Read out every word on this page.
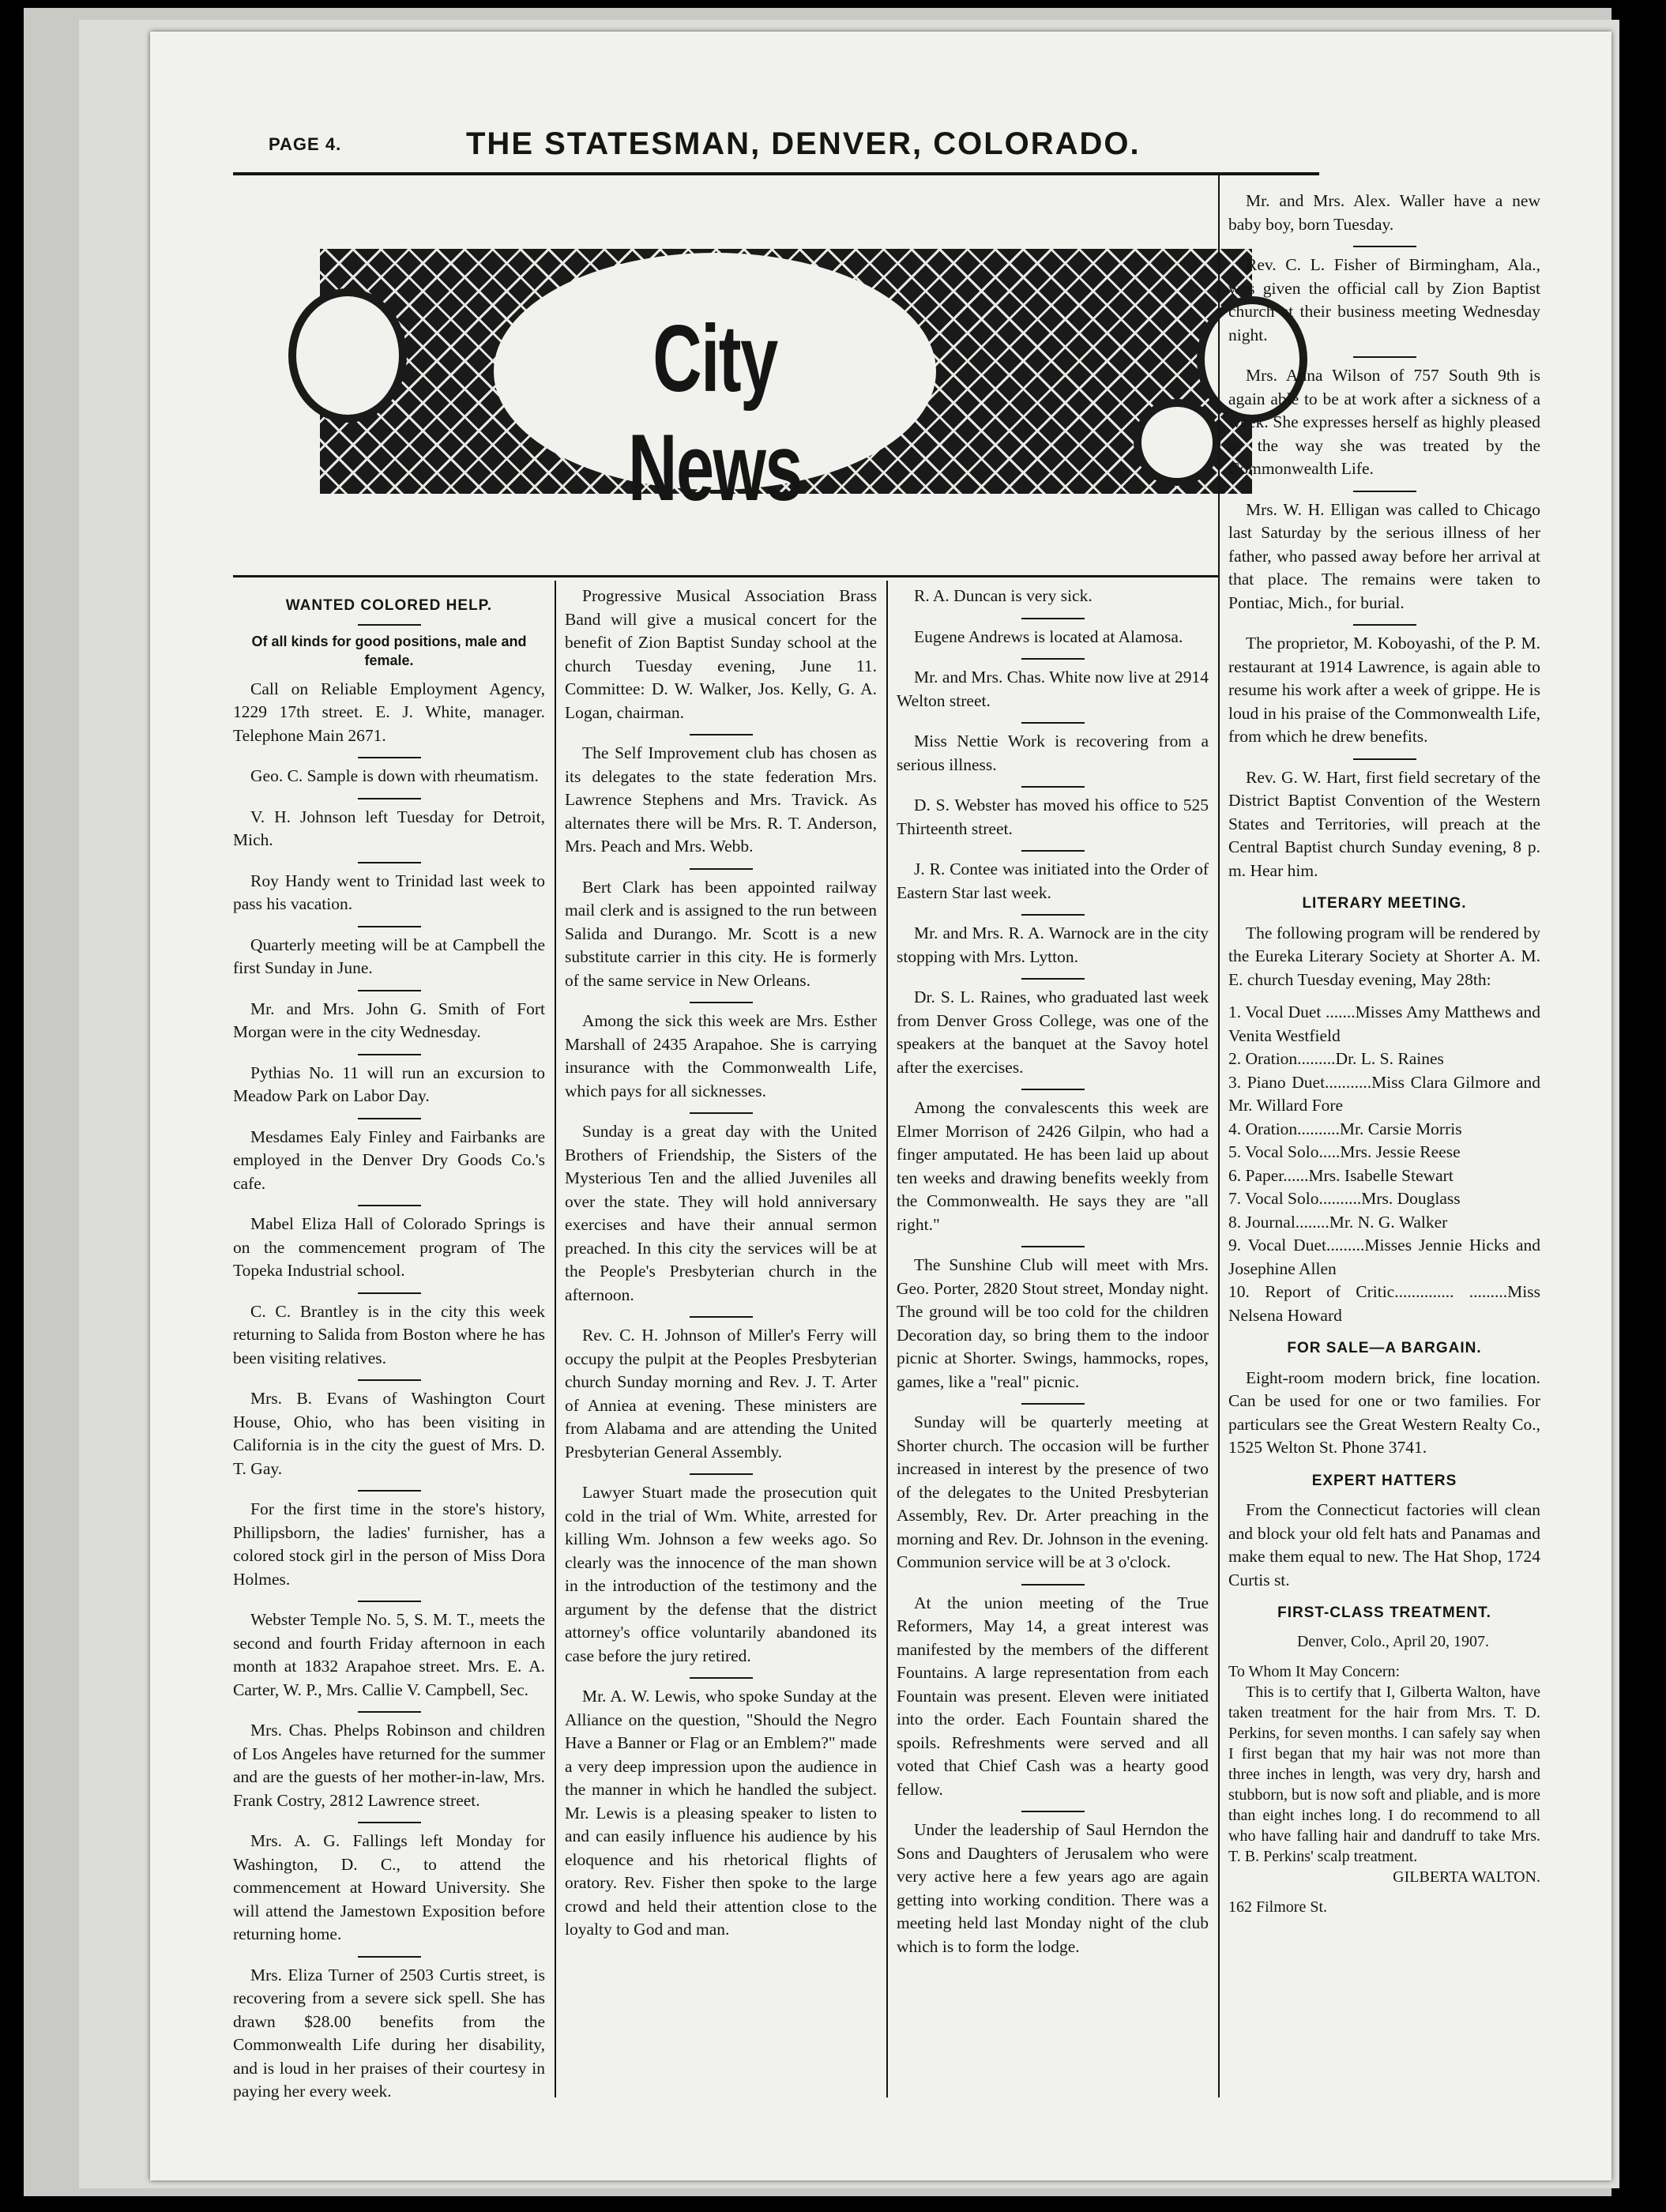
PAGE 4.	THE STATESMAN, DENVER, COLORADO.
City News
WANTED COLORED HELP.

Of all kinds for good positions, male and female.

Call on Reliable Employment Agency, 1229 17th street. E. J. White, manager. Telephone Main 2671.

Geo. C. Sample is down with rheumatism.

V. H. Johnson left Tuesday for Detroit, Mich.

Roy Handy went to Trinidad last week to pass his vacation.

Quarterly meeting will be at Campbell the first Sunday in June.

Mr. and Mrs. John G. Smith of Fort Morgan were in the city Wednesday.

Pythias No. 11 will run an excursion to Meadow Park on Labor Day.

Mesdames Ealy Finley and Fairbanks are employed in the Denver Dry Goods Co.'s cafe.

Mabel Eliza Hall of Colorado Springs is on the commencement program of The Topeka Industrial school.

C. C. Brantley is in the city this week returning to Salida from Boston where he has been visiting relatives.

Mrs. B. Evans of Washington Court House, Ohio, who has been visiting in California is in the city the guest of Mrs. D. T. Gay.

For the first time in the store's history, Phillipsborn, the ladies' furnisher, has a colored stock girl in the person of Miss Dora Holmes.

Webster Temple No. 5, S. M. T., meets the second and fourth Friday afternoon in each month at 1832 Arapahoe street. Mrs. E. A. Carter, W. P., Mrs. Callie V. Campbell, Sec.

Mrs. Chas. Phelps Robinson and children of Los Angeles have returned for the summer and are the guests of her mother-in-law, Mrs. Frank Costry, 2812 Lawrence street.

Mrs. A. G. Fallings left Monday for Washington, D. C., to attend the commencement at Howard University. She will attend the Jamestown Exposition before returning home.

Mrs. Eliza Turner of 2503 Curtis street, is recovering from a severe sick spell. She has drawn $28.00 benefits from the Commonwealth Life during her disability, and is loud in her praises of their courtesy in paying her every week.

Progressive Musical Association Brass Band will give a musical concert for the benefit of Zion Baptist Sunday school at the church Tuesday evening, June 11. Committee: D. W. Walker, Jos. Kelly, G. A. Logan, chairman.

The Self Improvement club has chosen as its delegates to the state federation Mrs. Lawrence Stephens and Mrs. Travick. As alternates there will be Mrs. R. T. Anderson, Mrs. Peach and Mrs. Webb.

Bert Clark has been appointed railway mail clerk and is assigned to the run between Salida and Durango. Mr. Scott is a new substitute carrier in this city. He is formerly of the same service in New Orleans.

Among the sick this week are Mrs. Esther Marshall of 2435 Arapahoe. She is carrying insurance with the Commonwealth Life, which pays for all sicknesses.

Sunday is a great day with the United Brothers of Friendship, the Sisters of the Mysterious Ten and the allied Juveniles all over the state. They will hold anniversary exercises and have their annual sermon preached. In this city the services will be at the People's Presbyterian church in the afternoon.

Rev. C. H. Johnson of Miller's Ferry will occupy the pulpit at the Peoples Presbyterian church Sunday morning and Rev. J. T. Arter of Anniea at evening. These ministers are from Alabama and are attending the United Presbyterian General Assembly.

Lawyer Stuart made the prosecution quit cold in the trial of Wm. White, arrested for killing Wm. Johnson a few weeks ago. So clearly was the innocence of the man shown in the introduction of the testimony and the argument by the defense that the district attorney's office voluntarily abandoned its case before the jury retired.

Mr. A. W. Lewis, who spoke Sunday at the Alliance on the question, "Should the Negro Have a Banner or Flag or an Emblem?" made a very deep impression upon the audience in the manner in which he handled the subject. Mr. Lewis is a pleasing speaker to listen to and can easily influence his audience by his eloquence and his rhetorical flights of oratory. Rev. Fisher then spoke to the large crowd and held their attention close to the loyalty to God and man.

R. A. Duncan is very sick.

Eugene Andrews is located at Alamosa.

Mr. and Mrs. Chas. White now live at 2914 Welton street.

Miss Nettie Work is recovering from a serious illness.

D. S. Webster has moved his office to 525 Thirteenth street.

J. R. Contee was initiated into the Order of Eastern Star last week.

Mr. and Mrs. R. A. Warnock are in the city stopping with Mrs. Lytton.

Dr. S. L. Raines, who graduated last week from Denver Gross College, was one of the speakers at the banquet at the Savoy hotel after the exercises.

Among the convalescents this week are Elmer Morrison of 2426 Gilpin, who had a finger amputated. He has been laid up about ten weeks and drawing benefits weekly from the Commonwealth. He says they are "all right."

The Sunshine Club will meet with Mrs. Geo. Porter, 2820 Stout street, Monday night. The ground will be too cold for the children Decoration day, so bring them to the indoor picnic at Shorter. Swings, hammocks, ropes, games, like a "real" picnic.

Sunday will be quarterly meeting at Shorter church. The occasion will be further increased in interest by the presence of two of the delegates to the United Presbyterian Assembly, Rev. Dr. Arter preaching in the morning and Rev. Dr. Johnson in the evening. Communion service will be at 3 o'clock.

At the union meeting of the True Reformers, May 14, a great interest was manifested by the members of the different Fountains. A large representation from each Fountain was present. Eleven were initiated into the order. Each Fountain shared the spoils. Refreshments were served and all voted that Chief Cash was a hearty good fellow.

Under the leadership of Saul Herndon the Sons and Daughters of Jerusalem who were very active here a few years ago are again getting into working condition. There was a meeting held last Monday night of the club which is to form the lodge.

Mr. and Mrs. Alex. Waller have a new baby boy, born Tuesday.

Rev. C. L. Fisher of Birmingham, Ala., was given the official call by Zion Baptist church at their business meeting Wednesday night.

Mrs. Anna Wilson of 757 South 9th is again able to be at work after a sickness of a week. She expresses herself as highly pleased at the way she was treated by the Commonwealth Life.

Mrs. W. H. Elligan was called to Chicago last Saturday by the serious illness of her father, who passed away before her arrival at that place. The remains were taken to Pontiac, Mich., for burial.

The proprietor, M. Koboyashi, of the P. M. restaurant at 1914 Lawrence, is again able to resume his work after a week of grippe. He is loud in his praise of the Commonwealth Life, from which he drew benefits.

Rev. G. W. Hart, first field secretary of the District Baptist Convention of the Western States and Territories, will preach at the Central Baptist church Sunday evening, 8 p. m. Hear him.

LITERARY MEETING.

The following program will be rendered by the Eureka Literary Society at Shorter A. M. E. church Tuesday evening, May 28th:

1. Vocal Duet .......Misses Amy Matthews and Venita Westfield
2. Oration.........Dr. L. S. Raines
3. Piano Duet...........Miss Clara Gilmore and Mr. Willard Fore
4. Oration..........Mr. Carsie Morris
5. Vocal Solo.....Mrs. Jessie Reese
6. Paper......Mrs. Isabelle Stewart
7. Vocal Solo..........Mrs. Douglass
8. Journal........Mr. N. G. Walker
9. Vocal Duet.........Misses Jennie Hicks and Josephine Allen
10. Report of Critic.............. .........Miss Nelsena Howard
FOR SALE—A BARGAIN.

Eight-room modern brick, fine location. Can be used for one or two families. For particulars see the Great Western Realty Co., 1525 Welton St. Phone 3741.

EXPERT HATTERS

From the Connecticut factories will clean and block your old felt hats and Panamas and make them equal to new. The Hat Shop, 1724 Curtis st.

FIRST-CLASS TREATMENT.

Denver, Colo., April 20, 1907.

To Whom It May Concern:

This is to certify that I, Gilberta Walton, have taken treatment for the hair from Mrs. T. D. Perkins, for seven months. I can safely say when I first began that my hair was not more than three inches in length, was very dry, harsh and stubborn, but is now soft and pliable, and is more than eight inches long. I do recommend to all who have falling hair and dandruff to take Mrs. T. B. Perkins' scalp treatment.

GILBERTA WALTON.

162 Filmore St.
